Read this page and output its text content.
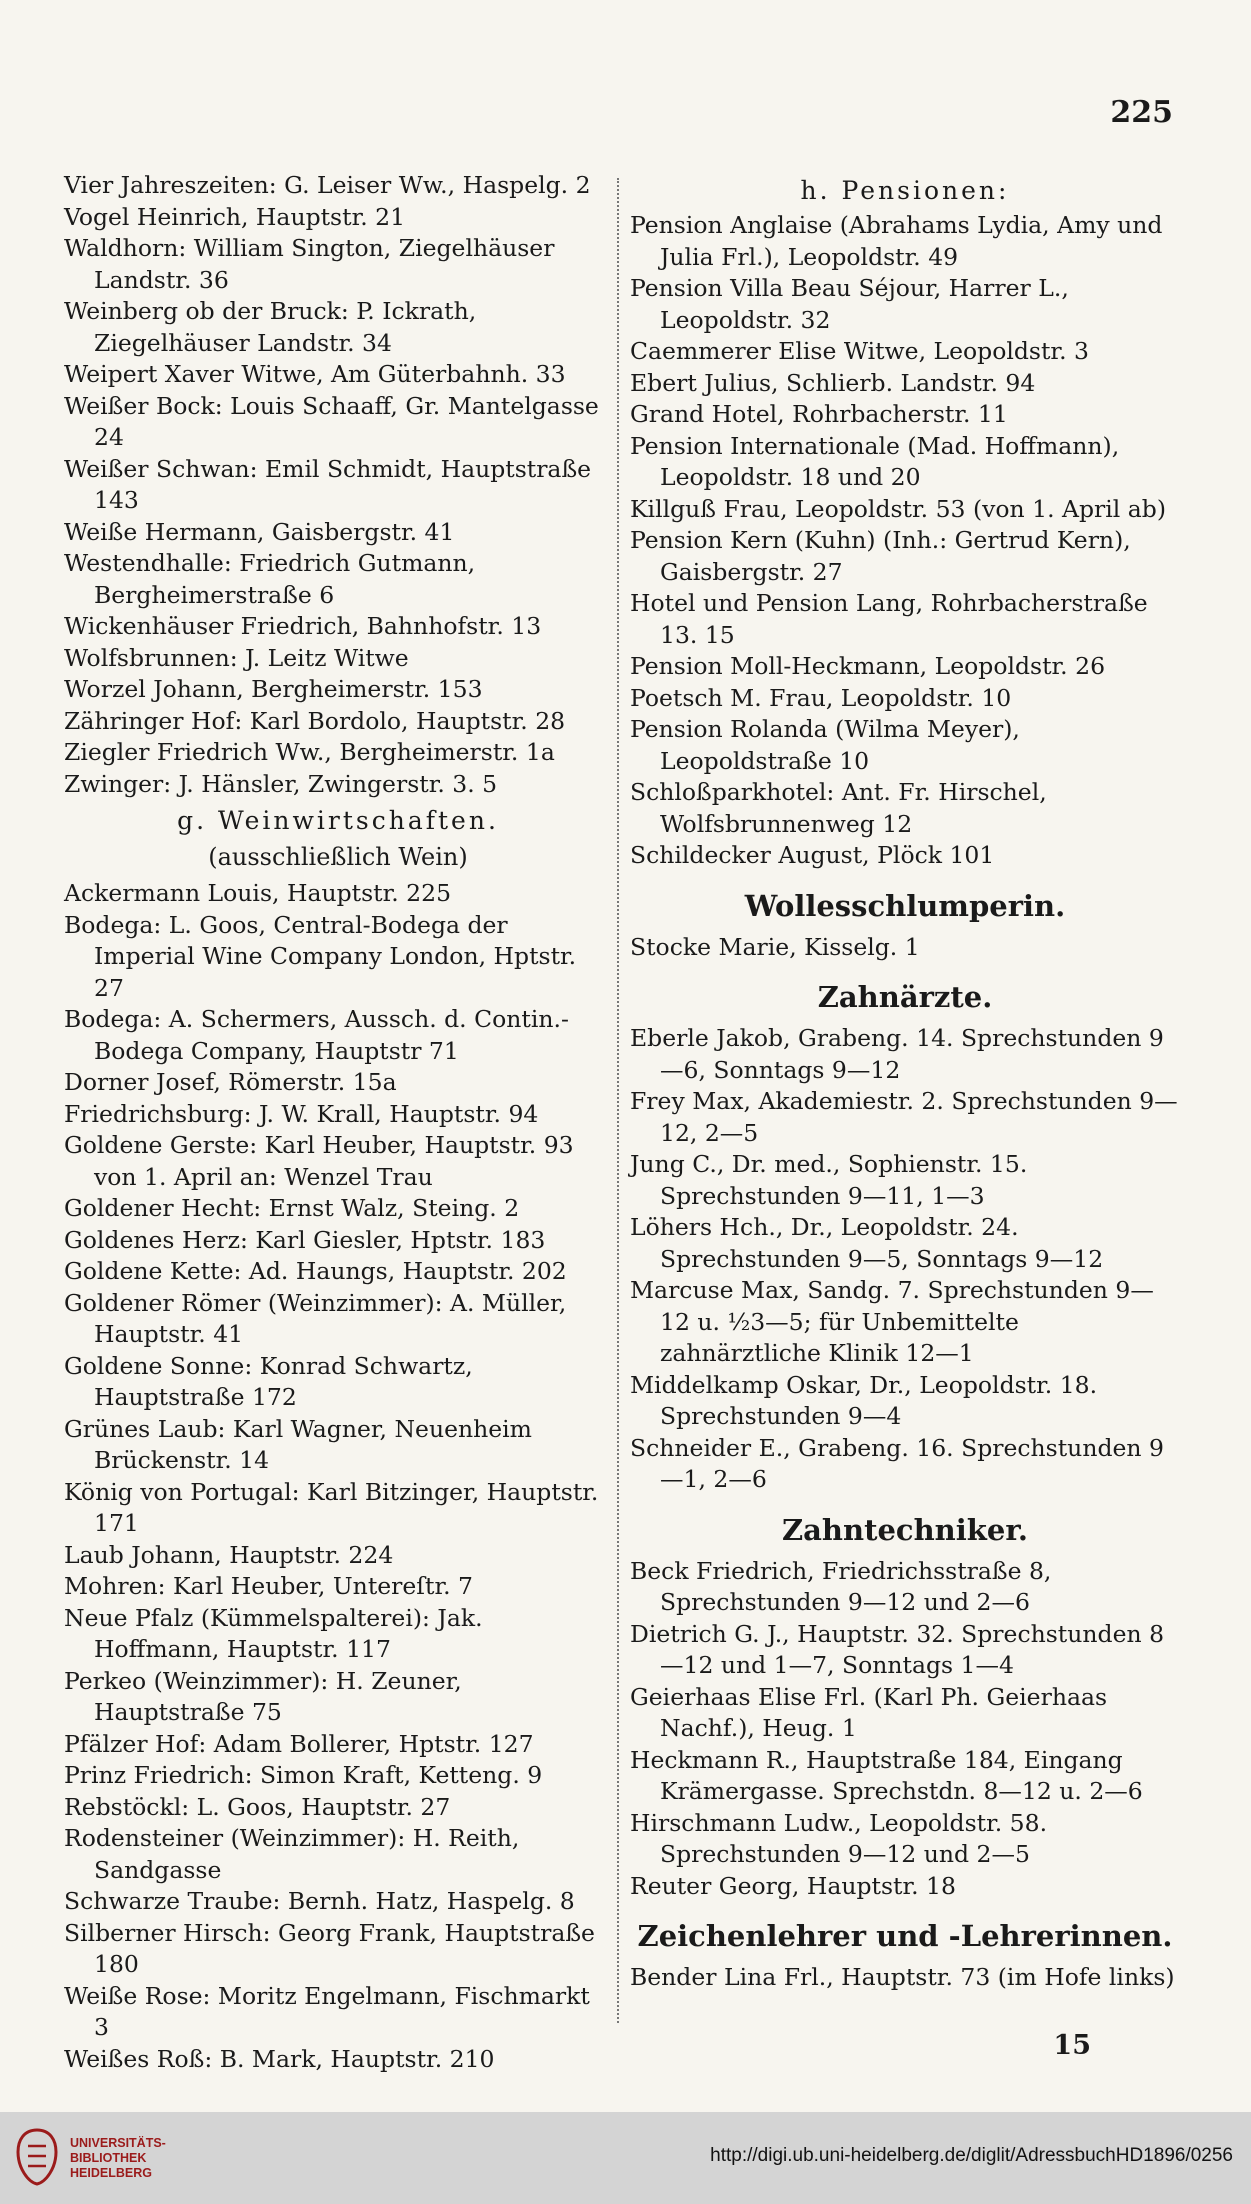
225
Vier Jahreszeiten: G. Leiser Ww., Haspelg. 2
Vogel Heinrich, Hauptstr. 21
Waldhorn: William Sington, Ziegelhäuser Landstr. 36
Weinberg ob der Bruck: P. Ickrath, Ziegelhäuser Landstr. 34
Weipert Xaver Witwe, Am Güterbahnh. 33
Weißer Bock: Louis Schaaff, Gr. Mantelgasse 24
Weißer Schwan: Emil Schmidt, Hauptstraße 143
Weiße Hermann, Gaisbergstr. 41
Westendhalle: Friedrich Gutmann, Bergheimerstraße 6
Wickenhäuser Friedrich, Bahnhofstr. 13
Wolfsbrunnen: J. Leitz Witwe
Worzel Johann, Bergheimerstr. 153
Zähringer Hof: Karl Bordolo, Hauptstr. 28
Ziegler Friedrich Ww., Bergheimerstr. 1a
Zwinger: J. Hänsler, Zwingerstr. 3. 5
g. Weinwirtschaften.
(ausschließlich Wein)
Ackermann Louis, Hauptstr. 225
Bodega: L. Goos, Central-Bodega der Imperial Wine Company London, Hptstr. 27
Bodega: A. Schermers, Aussch. d. Contin.-Bodega Company, Hauptstr 71
Dorner Josef, Römerstr. 15a
Friedrichsburg: J. W. Krall, Hauptstr. 94
Goldene Gerste: Karl Heuber, Hauptstr. 93 von 1. April an: Wenzel Trau
Goldener Hecht: Ernst Walz, Steing. 2
Goldenes Herz: Karl Giesler, Hptstr. 183
Goldene Kette: Ad. Haungs, Hauptstr. 202
Goldener Römer (Weinzimmer): A. Müller, Hauptstr. 41
Goldene Sonne: Konrad Schwartz, Hauptstraße 172
Grünes Laub: Karl Wagner, Neuenheim Brückenstr. 14
König von Portugal: Karl Bitzinger, Hauptstr. 171
Laub Johann, Hauptstr. 224
Mohren: Karl Heuber, Untereſtr. 7
Neue Pfalz (Kümmelspalterei): Jak. Hoffmann, Hauptstr. 117
Perkeo (Weinzimmer): H. Zeuner, Hauptstraße 75
Pfälzer Hof: Adam Bollerer, Hptstr. 127
Prinz Friedrich: Simon Kraft, Ketteng. 9
Rebstöckl: L. Goos, Hauptstr. 27
Rodensteiner (Weinzimmer): H. Reith, Sandgasse
Schwarze Traube: Bernh. Hatz, Haspelg. 8
Silberner Hirsch: Georg Frank, Hauptstraße 180
Weiße Rose: Moritz Engelmann, Fischmarkt 3
Weißes Roß: B. Mark, Hauptstr. 210
h. Pensionen:
Pension Anglaise (Abrahams Lydia, Amy und Julia Frl.), Leopoldstr. 49
Pension Villa Beau Séjour, Harrer L., Leopoldstr. 32
Caemmerer Elise Witwe, Leopoldstr. 3
Ebert Julius, Schlierb. Landstr. 94
Grand Hotel, Rohrbacherstr. 11
Pension Internationale (Mad. Hoffmann), Leopoldstr. 18 und 20
Killguß Frau, Leopoldstr. 53 (von 1. April ab)
Pension Kern (Kuhn) (Inh.: Gertrud Kern), Gaisbergstr. 27
Hotel und Pension Lang, Rohrbacherstraße 13. 15
Pension Moll-Heckmann, Leopoldstr. 26
Poetsch M. Frau, Leopoldstr. 10
Pension Rolanda (Wilma Meyer), Leopoldstraße 10
Schloßparkhotel: Ant. Fr. Hirschel, Wolfsbrunnenweg 12
Schildecker August, Plöck 101
Wollesschlumperin.
Stocke Marie, Kisselg. 1
Zahnärzte.
Eberle Jakob, Grabeng. 14. Sprechstunden 9—6, Sonntags 9—12
Frey Max, Akademiestr. 2. Sprechstunden 9—12, 2—5
Jung C., Dr. med., Sophienstr. 15. Sprechstunden 9—11, 1—3
Löhers Hch., Dr., Leopoldstr. 24. Sprechstunden 9—5, Sonntags 9—12
Marcuse Max, Sandg. 7. Sprechstunden 9—12 u. ½3—5; für Unbemittelte zahnärztliche Klinik 12—1
Middelkamp Oskar, Dr., Leopoldstr. 18. Sprechstunden 9—4
Schneider E., Grabeng. 16. Sprechstunden 9—1, 2—6
Zahntechniker.
Beck Friedrich, Friedrichsstraße 8, Sprechstunden 9—12 und 2—6
Dietrich G. J., Hauptstr. 32. Sprechstunden 8—12 und 1—7, Sonntags 1—4
Geierhaas Elise Frl. (Karl Ph. Geierhaas Nachf.), Heug. 1
Heckmann R., Hauptstraße 184, Eingang Krämergasse. Sprechstdn. 8—12 u. 2—6
Hirschmann Ludw., Leopoldstr. 58. Sprechstunden 9—12 und 2—5
Reuter Georg, Hauptstr. 18
Zeichenlehrer und -Lehrerinnen.
Bender Lina Frl., Hauptstr. 73 (im Hofe links)
15
UNIVERSITÄTS-
BIBLIOTHEK
HEIDELBERG
http://digi.ub.uni-heidelberg.de/diglit/AdressbuchHD1896/0256
